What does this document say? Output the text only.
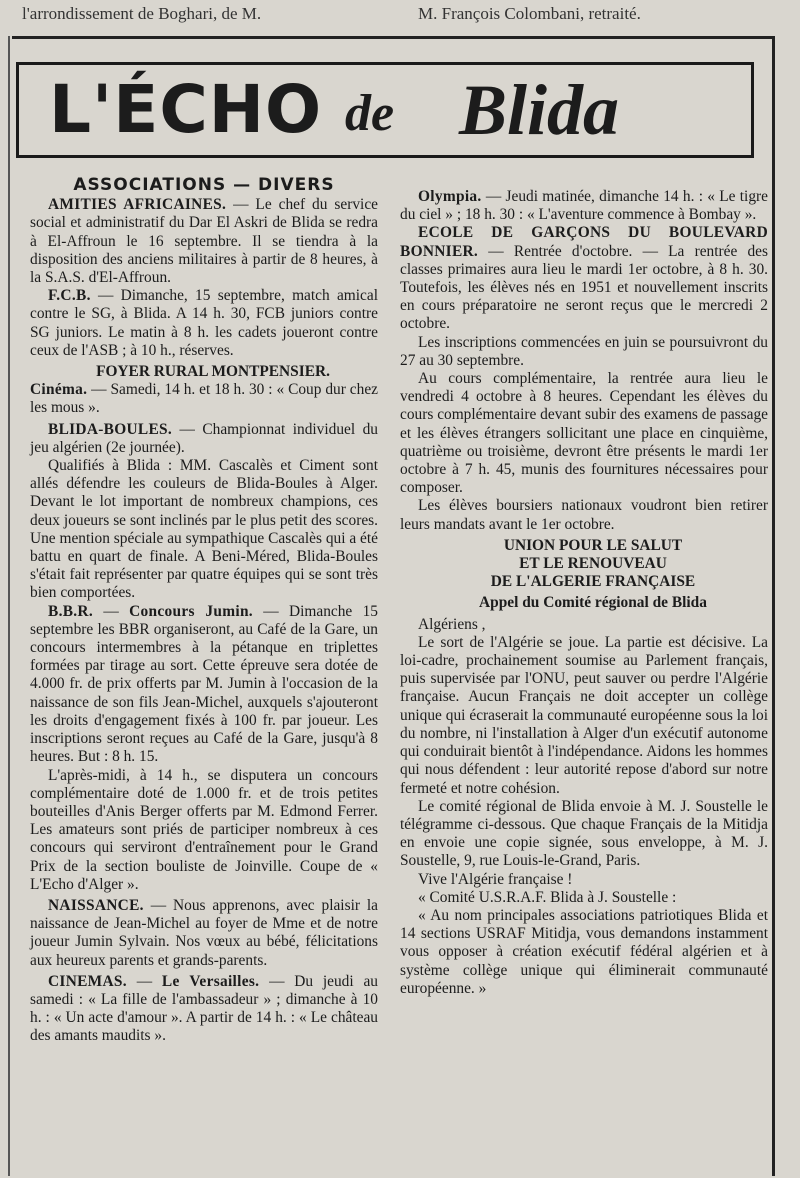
l'arrondissement de Boghari, de M.	M. François Colombani, retraité.
L'ÉCHO de Blida
ASSOCIATIONS — DIVERS

AMITIES AFRICAINES. — Le chef du service social et administratif du Dar El Askri de Blida se redra à El-Affroun le 16 septembre. Il se tiendra à la disposition des anciens militaires à partir de 8 heures, à la S.A.S. d'El-Affroun.

F.C.B. — Dimanche, 15 septembre, match amical contre le SG, à Blida. A 14 h. 30, FCB juniors contre SG juniors. Le matin à 8 h. les cadets joueront contre ceux de l'ASB ; à 10 h., réserves.

FOYER RURAL MONTPENSIER.

Cinéma. — Samedi, 14 h. et 18 h. 30 : « Coup dur chez les mous ».

BLIDA-BOULES. — Championnat individuel du jeu algérien (2e journée).

Qualifiés à Blida : MM. Cascalès et Ciment sont allés défendre les couleurs de Blida-Boules à Alger. Devant le lot important de nombreux champions, ces deux joueurs se sont inclinés par le plus petit des scores. Une mention spéciale au sympathique Cascalès qui a été battu en quart de finale. A Beni-Méred, Blida-Boules s'était fait représenter par quatre équipes qui se sont très bien comportées.

B.B.R. — Concours Jumin. — Dimanche 15 septembre les BBR organiseront, au Café de la Gare, un concours intermembres à la pétanque en triplettes formées par tirage au sort. Cette épreuve sera dotée de 4.000 fr. de prix offerts par M. Jumin à l'occasion de la naissance de son fils Jean-Michel, auxquels s'ajouteront les droits d'engagement fixés à 100 fr. par joueur. Les inscriptions seront reçues au Café de la Gare, jusqu'à 8 heures. But : 8 h. 15.

L'après-midi, à 14 h., se disputera un concours complémentaire doté de 1.000 fr. et de trois petites bouteilles d'Anis Berger offerts par M. Edmond Ferrer. Les amateurs sont priés de participer nombreux à ces concours qui serviront d'entraînement pour le Grand Prix de la section bouliste de Joinville. Coupe de « L'Echo d'Alger ».

NAISSANCE. — Nous apprenons, avec plaisir la naissance de Jean-Michel au foyer de Mme et de notre joueur Jumin Sylvain. Nos vœux au bébé, félicitations aux heureux parents et grands-parents.

CINEMAS. — Le Versailles. — Du jeudi au samedi : « La fille de l'ambassadeur » ; dimanche à 10 h. : « Un acte d'amour ». A partir de 14 h. : « Le château des amants maudits ».

Olympia. — Jeudi matinée, dimanche 14 h. : « Le tigre du ciel » ; 18 h. 30 : « L'aventure commence à Bombay ».

ECOLE DE GARÇONS DU BOULEVARD BONNIER. — Rentrée d'octobre. — La rentrée des classes primaires aura lieu le mardi 1er octobre, à 8 h. 30. Toutefois, les élèves nés en 1951 et nouvellement inscrits en cours préparatoire ne seront reçus que le mercredi 2 octobre.

Les inscriptions commencées en juin se poursuivront du 27 au 30 septembre.

Au cours complémentaire, la rentrée aura lieu le vendredi 4 octobre à 8 heures. Cependant les élèves du cours complémentaire devant subir des examens de passage et les élèves étrangers sollicitant une place en cinquième, quatrième ou troisième, devront être présents le mardi 1er octobre à 7 h. 45, munis des fournitures nécessaires pour composer.

Les élèves boursiers nationaux voudront bien retirer leurs mandats avant le 1er octobre.

UNION POUR LE SALUT

ET LE RENOUVEAU

DE L'ALGERIE FRANÇAISE

Appel du Comité régional de Blida

Algériens ,

Le sort de l'Algérie se joue. La partie est décisive. La loi-cadre, prochainement soumise au Parlement français, puis supervisée par l'ONU, peut sauver ou perdre l'Algérie française. Aucun Français ne doit accepter un collège unique qui écraserait la communauté européenne sous la loi du nombre, ni l'installation à Alger d'un exécutif autonome qui conduirait bientôt à l'indépendance. Aidons les hommes qui nous défendent : leur autorité repose d'abord sur notre fermeté et notre cohésion.

Le comité régional de Blida envoie à M. J. Soustelle le télégramme ci-dessous. Que chaque Français de la Mitidja en envoie une copie signée, sous enveloppe, à M. J. Soustelle, 9, rue Louis-le-Grand, Paris.

Vive l'Algérie française !

« Comité U.S.R.A.F. Blida à J. Soustelle :

« Au nom principales associations patriotiques Blida et 14 sections USRAF Mitidja, vous demandons instamment vous opposer à création exécutif fédéral algérien et à système collège unique qui éliminerait communauté européenne. »
